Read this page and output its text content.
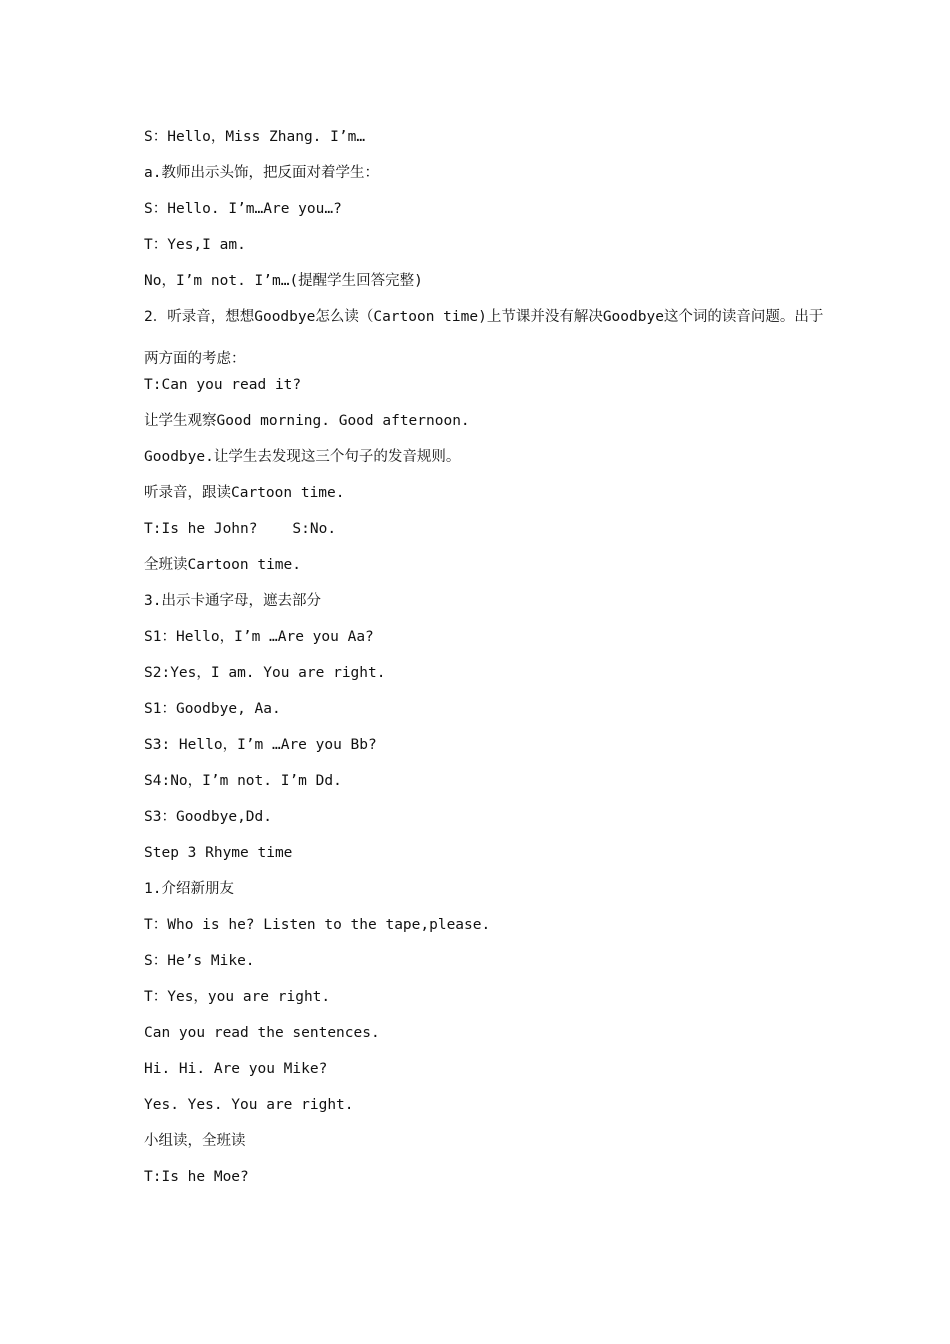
S：Hello，Miss Zhang. I’m…
a.教师出示头饰，把反面对着学生：
S：Hello. I’m…Are you…?
T：Yes,I am.
No，I’m not. I’m…(提醒学生回答完整)
2．听录音，想想Goodbye怎么读（Cartoon time)上节课并没有解决Goodbye这个词的读音问题。出于两方面的考虑：
T:Can you read it?
让学生观察Good morning. Good afternoon.
Goodbye.让学生去发现这三个句子的发音规则。
听录音，跟读Cartoon time.
T:Is he John?    S:No.
全班读Cartoon time.
3.出示卡通字母，遮去部分
S1：Hello，I’m …Are you Aa?
S2:Yes，I am. You are right.
S1：Goodbye, Aa.
S3: Hello，I’m …Are you Bb?
S4:No，I’m not. I’m Dd.
S3：Goodbye,Dd.
Step 3 Rhyme time
1.介绍新朋友
T：Who is he? Listen to the tape,please.
S：He’s Mike.
T：Yes，you are right.
Can you read the sentences.
Hi. Hi. Are you Mike?
Yes. Yes. You are right.
小组读，全班读
T:Is he Moe?
